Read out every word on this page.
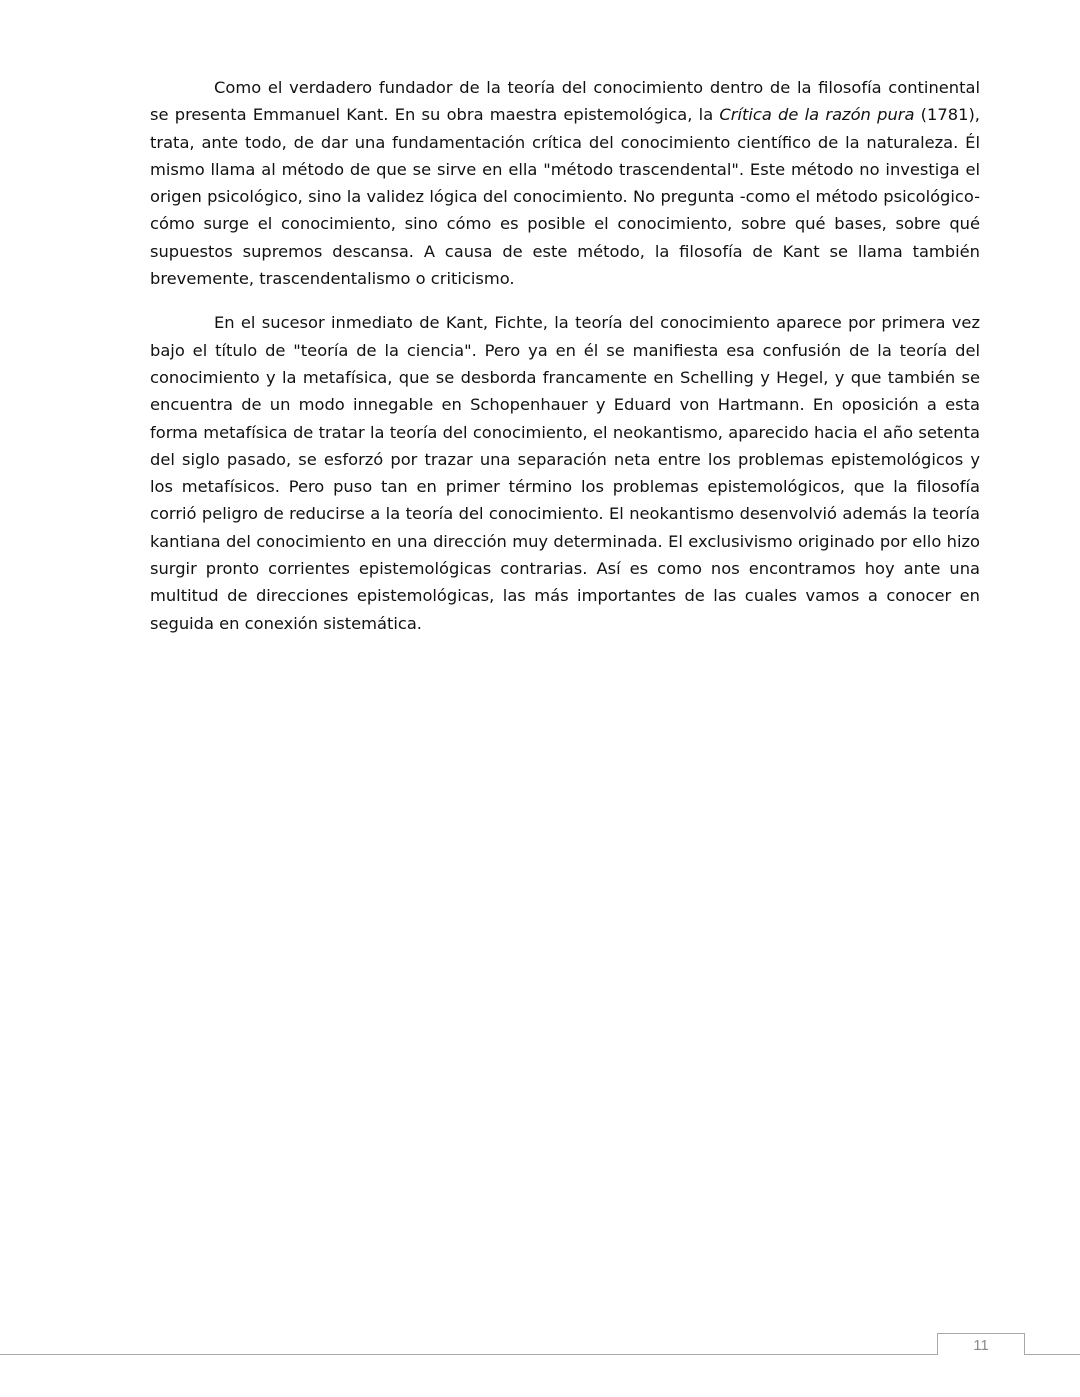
Como el verdadero fundador de la teoría del conocimiento dentro de la filosofía continental se presenta Emmanuel Kant. En su obra maestra epistemológica, la Crítica de la razón pura (1781), trata, ante todo, de dar una fundamentación crítica del conocimiento científico de la naturaleza. Él mismo llama al método de que se sirve en ella "método trascendental". Este método no investiga el origen psicológico, sino la validez lógica del conocimiento. No pregunta -como el método psicológico- cómo surge el conocimiento, sino cómo es posible el conocimiento, sobre qué bases, sobre qué supuestos supremos descansa. A causa de este método, la filosofía de Kant se llama también brevemente, trascendentalismo o criticismo.

En el sucesor inmediato de Kant, Fichte, la teoría del conocimiento aparece por primera vez bajo el título de "teoría de la ciencia". Pero ya en él se manifiesta esa confusión de la teoría del conocimiento y la metafísica, que se desborda francamente en Schelling y Hegel, y que también se encuentra de un modo innegable en Schopenhauer y Eduard von Hartmann. En oposición a esta forma metafísica de tratar la teoría del conocimiento, el neokantismo, aparecido hacia el año setenta del siglo pasado, se esforzó por trazar una separación neta entre los problemas epistemológicos y los metafísicos. Pero puso tan en primer término los problemas epistemológicos, que la filosofía corrió peligro de reducirse a la teoría del conocimiento. El neokantismo desenvolvió además la teoría kantiana del conocimiento en una dirección muy determinada. El exclusivismo originado por ello hizo surgir pronto corrientes epistemológicas contrarias. Así es como nos encontramos hoy ante una multitud de direcciones epistemológicas, las más importantes de las cuales vamos a conocer en seguida en conexión sistemática.

11
